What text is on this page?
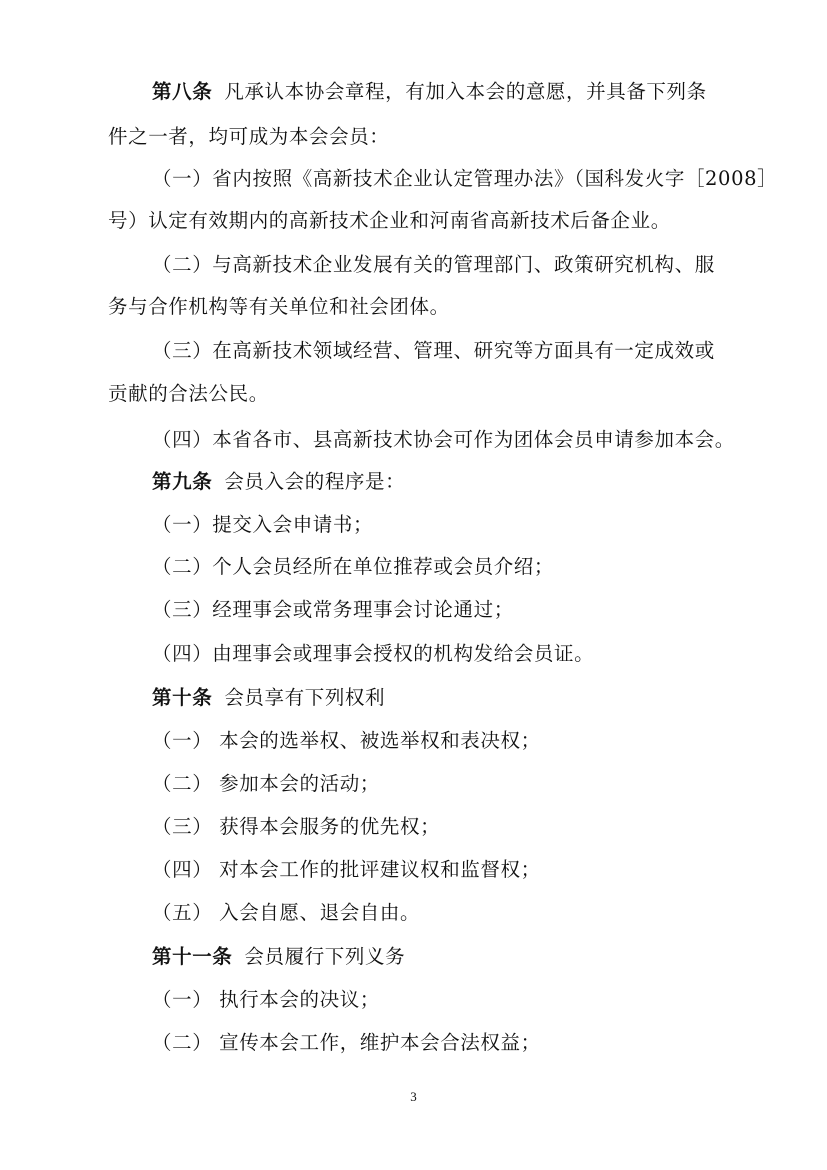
第八条 凡承认本协会章程，有加入本会的意愿，并具备下列条
件之一者，均可成为本会会员：
（一）省内按照《高新技术企业认定管理办法》（国科发火字［2008］
号）认定有效期内的高新技术企业和河南省高新技术后备企业。
（二）与高新技术企业发展有关的管理部门、政策研究机构、服
务与合作机构等有关单位和社会团体。
（三）在高新技术领域经营、管理、研究等方面具有一定成效或
贡献的合法公民。
（四）本省各市、县高新技术协会可作为团体会员申请参加本会。
第九条 会员入会的程序是：
（一）提交入会申请书；
（二）个人会员经所在单位推荐或会员介绍；
（三）经理事会或常务理事会讨论通过；
（四）由理事会或理事会授权的机构发给会员证。
第十条 会员享有下列权利
（一） 本会的选举权、被选举权和表决权；
（二） 参加本会的活动；
（三） 获得本会服务的优先权；
（四） 对本会工作的批评建议权和监督权；
（五） 入会自愿、退会自由。
第十一条 会员履行下列义务
（一） 执行本会的决议；
（二） 宣传本会工作，维护本会合法权益；
3
